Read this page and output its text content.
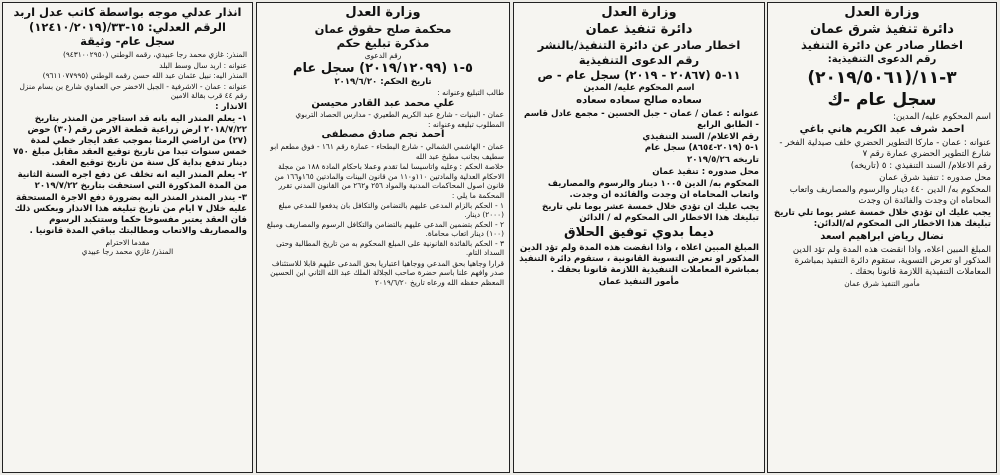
وزارة العدل
دائرة تنفيذ شرق عمان
اخطار صادر عن دائرة التنفيذ
رقم الدعوى التنفيذية:
٣-١١/(٢٠١٩/٥٠٦١)
سجل عام -ك
اسم المحكوم عليه/ المدين:
احمد شرف عبد الكريم هاني باغي
عنوانه : عمان - ماركا التطوير الحضري خلف صيدلية الفخر - شارع التطوير الحضري عمارة رقم ٧
رقم الاعلام/ السند التنفيذي : ٥ (تاريخه)
محل صدوره : تنفيذ شرق عمان
المحكوم به/ الدين ٤٤٠ دينار والرسوم والمصاريف واتعاب المحاماه ان وجدت والفائدة ان وجدت
يجب عليك ان تؤدي خلال خمسة عشر يوما تلي تاريخ تبليغك هذا الاخطار الى المحكوم له/الدائن:
نضال رياض ابراهيم اسعد
المبلغ المبين اعلاه، واذا انقضت هذه المدة ولم تؤد الدين المذكور او تعرض التسوية، ستقوم دائرة التنفيذ بمباشرة المعاملات التنفيذية اللازمة قانونا بحقك .
مأمور التنفيذ شرق عمان
وزارة العدل
دائرة تنفيذ عمان
اخطار صادر عن دائرة التنفيذ/بالنشر
رقم الدعوى التنفيذية
١١-٥ (٢٠٨٦٧ - ٢٠١٩) سجل عام - ص
اسم المحكوم عليه/ المدين
سعاده صالح سعاده سعاده
عنوانه : عمان / عمان - جبل الحسين - مجمع عادل قاسم - الطابق الرابع
رقم الاعلام/ السند التنفيذي
١-٥ (٢٠١٩-٨٦٥٤) سجل عام
تاريخه ٢٠١٩/٥/٢٦
محل صدوره : تنفيذ عمان
المحكوم به/ الدين ١٠٠٥ دينار والرسوم والمصاريف واتعاب المحاماه ان وجدت والفائده ان وجدت.
يجب عليك ان تؤدي خلال خمسة عشر يوما تلي تاريخ تبليغك هذا الاخطار الى المحكوم له / الدائن
ديما بدوي توفيق الحلاق
المبلغ المبين اعلاه ، واذا انقضت هذه المدة ولم تؤد الدين المذكور او تعرض التسوية القانونية ، ستقوم دائرة التنفيذ بمباشرة المعاملات التنفيذية اللازمة قانونا بحقك .
مأمور التنفيذ عمان
وزارة العدل
محكمة صلح حقوق عمان
مذكرة تبليغ حكم
رقم الدعوى
٥-١ (٢٠١٩/١٢٠٩٩) سجل عام
تاريخ الحكم: ٢٠١٩/٦/٢٠
طالب التبليغ وعنوانه :
علي محمد عبد القادر محيسن
عمان - البنيات - شارع عبد الكريم الطعيري - مدارس الحصاد التربوي
المطلوب تبليغه وعنوانه :
احمد نجم صادق مصطفى
عمان - الهاشمي الشمالي - شارع البطحاء - عمارة رقم ١٦١ - فوق مطعم ابو سطيف بجانب مطبخ عبد الله
خلاصة الحكم : وعليه واتاسيسا لما تقدم وعملا باحكام المادة ١٨٨ من مجلة الاحكام العدلية والمادتين ١١٠و١١٠ من قانون البينات والمادتين ١٦٥و١٦٦ من قانون اصول المحاكمات المدنية والمواد ٢٥٦ و٢٦٢ من القانون المدني تقرر المحكمة ما يلي :
١ - الحكم بالزام المدعى عليهم بالتضامن والتكافل بان يدفعوا للمدعي مبلغ (٢٠٠٠) دينار.
٢ - الحكم بتضمين المدعى عليهم بالتضامن والتكافل الرسوم والمصاريف ومبلغ (١٠٠) دينار اتعاب محاماة.
٣ - الحكم بالفائدة القانونية على المبلغ المحكوم به من تاريخ المطالبة وحتى السداد التام.
قرارا وجاهيا بحق المدعي ووجاهيا اعتباريا بحق المدعى عليهم قابلا للاستئناف صدر وافهم علنا باسم حضرة صاحب الجلالة الملك عبد الله الثاني ابن الحسين المعظم حفظه الله ورعاه تاريخ ٢٠١٩/٦/٢٠
انذار عدلي موجه بواسطة كاتب عدل اربد
الرقم العدلي: ١٥-٣٣/(١٢٤١٠/٢٠١٩)
سجل عام- وثيقة
المنذر: غازي محمد رجا عبيدي، رقمه الوطني (٩٤٣١٠٠٢٩٥٠)
عنوانه : اربد سال وسط البلد
المنذر اليه: نبيل عثمان عبد الله حسن رقمه الوطني (٩٦١١٠٧٧٩٩٥)
عنوانه : عمان - الاشرفية - الجبل الاخضر حي العماوي شارع بن بسام منزل رقم ٤٤ قرب بقالة الامين
الانذار :
١- يعلم المنذر اليه بانه قد استاجر من المنذر بتاريخ ٢٠١٨/٧/٢٢ ارض زراعية قطعة الارض رقم (٣٠) حوض (٢٧) من اراضي الرمثا بموجب عقد ايجار خطي لمدة خمس سنوات تبدا من تاريخ توقيع العقد مقابل مبلغ ٧٥٠ دينار تدفع بداية كل سنة من تاريخ توقيع العقد.
٢- يعلم المنذر اليه انه تخلف عن دفع اجره السنة الثانية من المدة المذكورة التي استحقت بتاريخ ٢٠١٩/٧/٢٢
٣- ينذر المنذر المنذر اليه بضرورة دفع الاجرة المستحقة عليه خلال ٧ ايام من تاريخ تبليغه هذا الانذار وبعكس ذلك فان العقد يعتبر مفسوخا حكما وستتكبد الرسوم والمصاريف والاتعاب ومطالبتك بباقي المدة قانونيا .
مقدما الاحترام
المنذر/ غازي محمد رجا عبيدي
